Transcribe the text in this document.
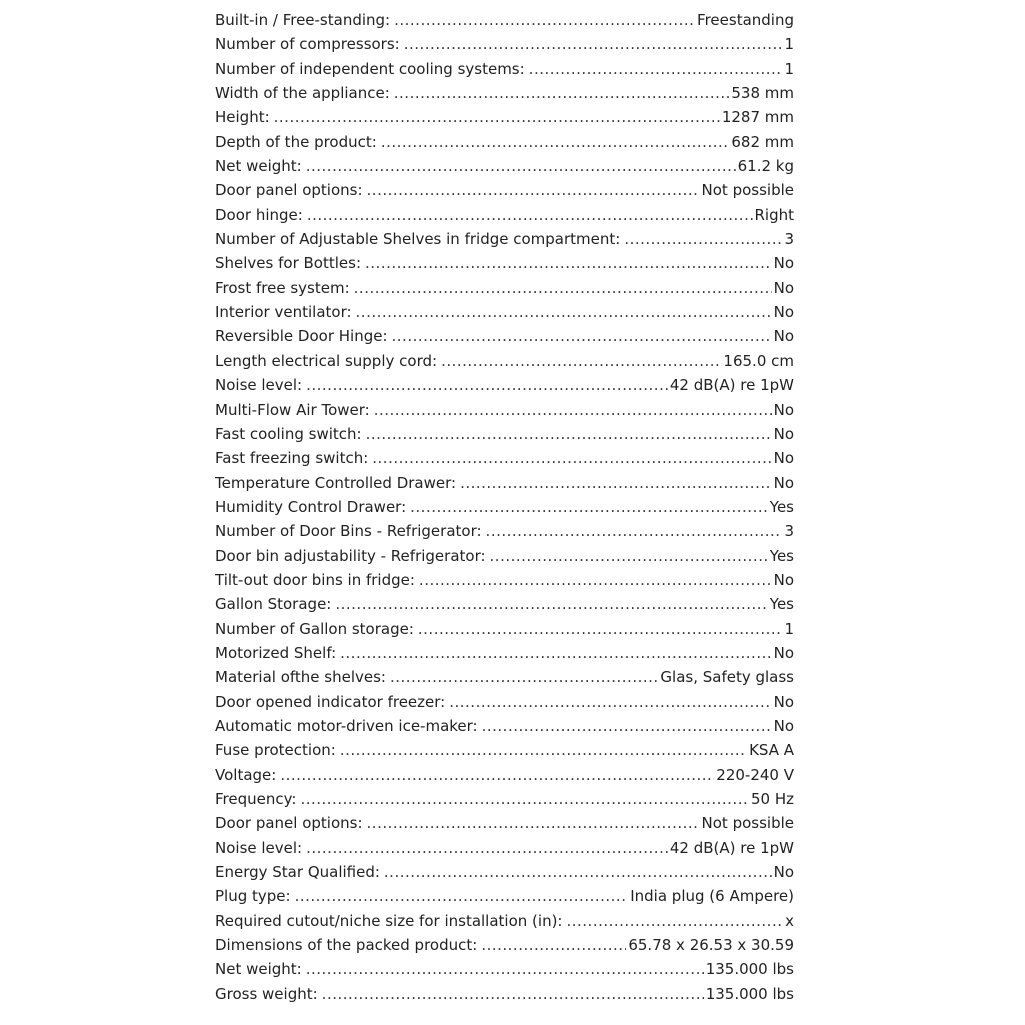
Built-in / Free-standing: .....	Freestanding
Number of compressors: .....	1
Number of independent cooling systems: .....	1
Width of the appliance: .....	538 mm
Height: .....	1287 mm
Depth of the product: .....	682 mm
Net weight: .....	61.2 kg
Door panel options: .....	Not possible
Door hinge: .....	Right
Number of Adjustable Shelves in fridge compartment: .....	3
Shelves for Bottles: .....	No
Frost free system: .....	No
Interior ventilator: .....	No
Reversible Door Hinge: .....	No
Length electrical supply cord: .....	165.0 cm
Noise level: .....	42 dB(A) re 1pW
Multi-Flow Air Tower: .....	No
Fast cooling switch: .....	No
Fast freezing switch: .....	No
Temperature Controlled Drawer: .....	No
Humidity Control Drawer: .....	Yes
Number of Door Bins - Refrigerator: .....	3
Door bin adjustability - Refrigerator: .....	Yes
Tilt-out door bins in fridge: .....	No
Gallon Storage: .....	Yes
Number of Gallon storage: .....	1
Motorized Shelf: .....	No
Material ofthe shelves: .....	Glas, Safety glass
Door opened indicator freezer: .....	No
Automatic motor-driven ice-maker: .....	No
Fuse protection: .....	KSA A
Voltage: .....	220-240 V
Frequency: .....	50 Hz
Door panel options: .....	Not possible
Noise level: .....	42 dB(A) re 1pW
Energy Star Qualified: .....	No
Plug type: .....	India plug (6 Ampere)
Required cutout/niche size for installation (in): .....	x
Dimensions of the packed product: .....	65.78 x 26.53 x 30.59
Net weight: .....	135.000 lbs
Gross weight: .....	135.000 lbs
